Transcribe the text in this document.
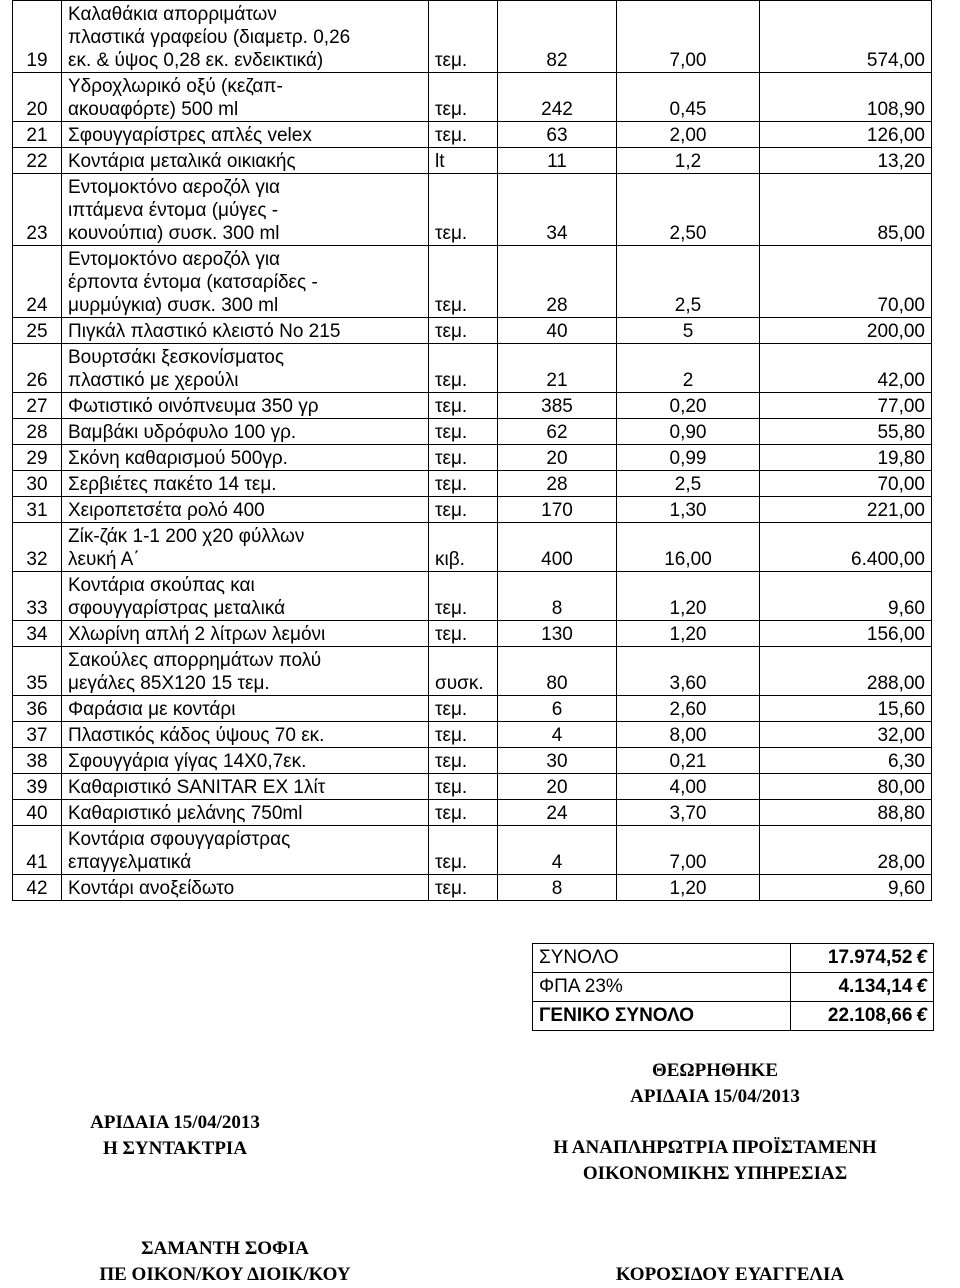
19	Καλαθάκια απορριμάτων
πλαστικά γραφείου (διαμετρ. 0,26
εκ. & ύψος 0,28 εκ. ενδεικτικά)	τεμ.	82	7,00	574,00
20	Υδροχλωρικό οξύ (κεζαπ-
ακουαφόρτε) 500 ml	τεμ.	242	0,45	108,90
21	Σφουγγαρίστρες απλές velex	τεμ.	63	2,00	126,00
22	Κοντάρια μεταλικά οικιακής	lt	11	1,2	13,20
23	Εντομοκτόνο αεροζόλ για
ιπτάμενα έντομα (μύγες -
κουνούπια) συσκ. 300 ml	τεμ.	34	2,50	85,00
24	Εντομοκτόνο αεροζόλ για
έρποντα έντομα (κατσαρίδες -
μυρμύγκια) συσκ. 300 ml	τεμ.	28	2,5	70,00
25	Πιγκάλ πλαστικό κλειστό Νο 215	τεμ.	40	5	200,00
26	Βουρτσάκι ξεσκονίσματος
πλαστικό με χερούλι	τεμ.	21	2	42,00
27	Φωτιστικό οινόπνευμα 350 γρ	τεμ.	385	0,20	77,00
28	Βαμβάκι υδρόφυλο 100 γρ.	τεμ.	62	0,90	55,80
29	Σκόνη καθαρισμού 500γρ.	τεμ.	20	0,99	19,80
30	Σερβιέτες πακέτο 14 τεμ.	τεμ.	28	2,5	70,00
31	Χειροπετσέτα ρολό 400	τεμ.	170	1,30	221,00
32	Ζίκ-ζάκ 1-1 200 χ20 φύλλων
λευκή Α΄	κιβ.	400	16,00	6.400,00
33	Κοντάρια σκούπας και
σφουγγαρίστρας μεταλικά	τεμ.	8	1,20	9,60
34	Χλωρίνη απλή 2 λίτρων λεμόνι	τεμ.	130	1,20	156,00
35	Σακούλες απορρημάτων πολύ
μεγάλες 85Χ120 15 τεμ.	συσκ.	80	3,60	288,00
36	Φαράσια με κοντάρι	τεμ.	6	2,60	15,60
37	Πλαστικός κάδος ύψους 70 εκ.	τεμ.	4	8,00	32,00
38	Σφουγγάρια γίγας 14Χ0,7εκ.	τεμ.	30	0,21	6,30
39	Καθαριστικό SANITAR EX 1λίτ	τεμ.	20	4,00	80,00
40	Καθαριστικό μελάνης 750ml	τεμ.	24	3,70	88,80
41	Κοντάρια σφουγγαρίστρας
επαγγελματικά	τεμ.	4	7,00	28,00
42	Κοντάρι ανοξείδωτο	τεμ.	8	1,20	9,60
ΣΥΝΟΛΟ	17.974,52 €
ΦΠΑ 23%	4.134,14 €
ΓΕΝΙΚΟ ΣΥΝΟΛΟ	22.108,66 €
ΘΕΩΡΗΘΗΚΕ
ΑΡΙΔΑΙΑ 15/04/2013
ΑΡΙΔΑΙΑ 15/04/2013
Η ΣΥΝΤΑΚΤΡΙΑ	Η ΑΝΑΠΛΗΡΩΤΡΙΑ ΠΡΟΪΣΤΑΜΕΝΗ
ΟΙΚΟΝΟΜΙΚΗΣ ΥΠΗΡΕΣΙΑΣ
ΣΑΜΑΝΤΗ ΣΟΦΙΑ
ΠΕ ΟΙΚΟΝ/ΚΟΥ ΔΙΟΙΚ/ΚΟΥ	ΚΟΡΟΣΙΔΟΥ ΕΥΑΓΓΕΛΙΑ
